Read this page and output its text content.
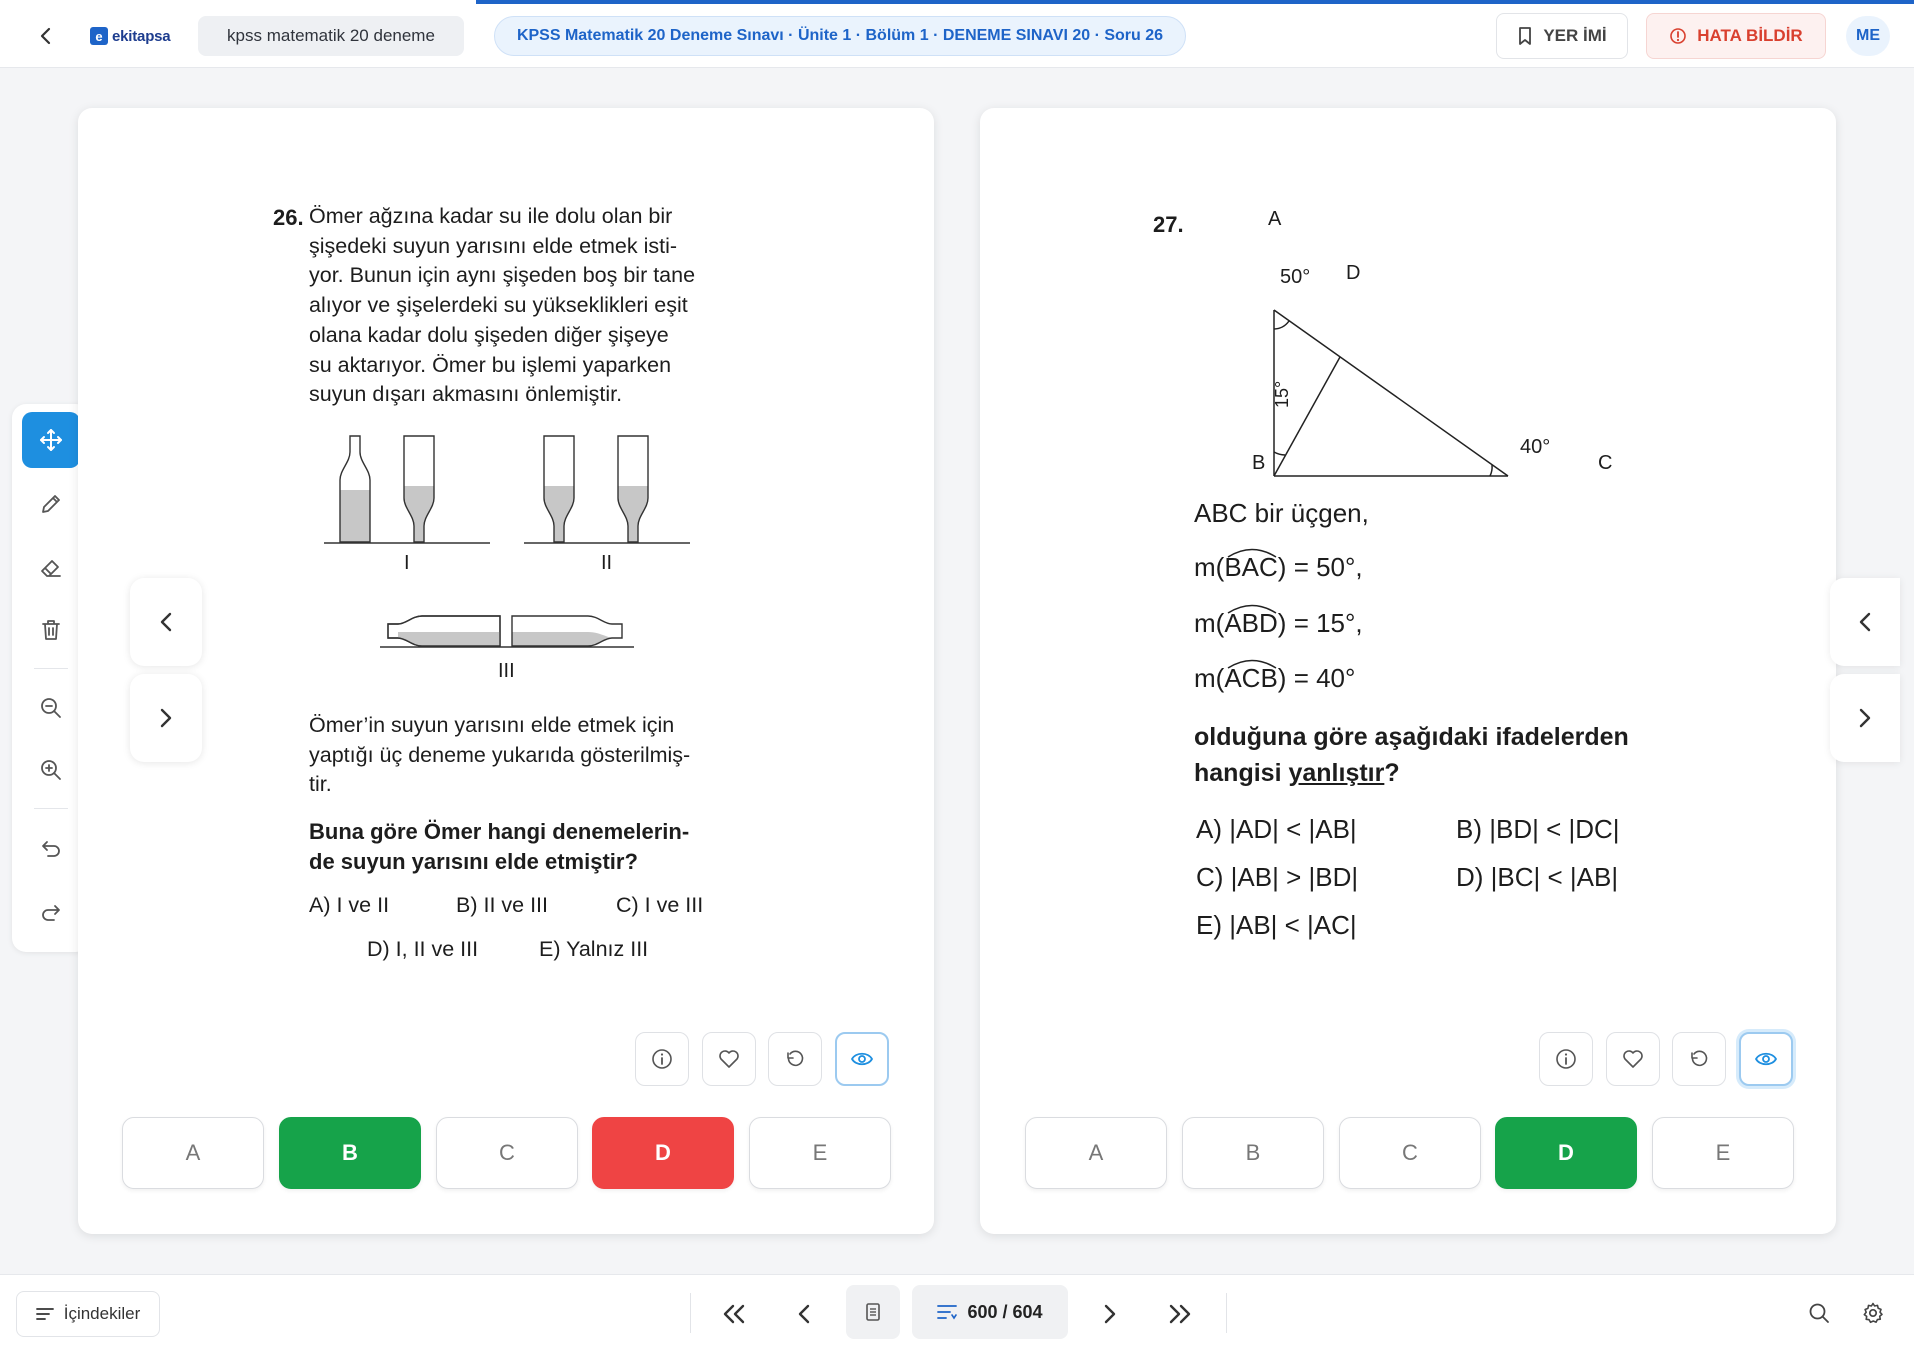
e ekitapsa	kpss matematik 20 deneme	KPSS Matematik 20 Deneme Sınavı · Ünite 1 · Bölüm 1 · DENEME SINAVI 20 · Soru 26	YER İMİ	HATA BİLDİR	ME
26. Ömer ağzına kadar su ile dolu olan bir
şişedeki suyun yarısını elde etmek isti-
yor. Bunun için aynı şişeden boş bir tane
alıyor ve şişelerdeki su yükseklikleri eşit
olana kadar dolu şişeden diğer şişeye
su aktarıyor. Ömer bu işlemi yaparken
suyun dışarı akmasını önlemiştir.
I	II
III
Ömer’in suyun yarısını elde etmek için
yaptığı üç deneme yukarıda gösterilmiş-
tir.
Buna göre Ömer hangi denemelerin-
de suyun yarısını elde etmiştir?
A) I ve II	B) II ve III	C) I ve III
D) I, II ve III	E) Yalnız III
A	B	C	D	E
27.	A
B	C
D
50°
15°
40°
ABC bir üçgen,
m(
BAC) = 50°,
m(
ABD) = 15°,
m(
ACB) = 40°
olduğuna göre aşağıdaki ifadelerden
hangisi yanlıştır?
A) |AD| < |AB|	B) |BD| < |DC|
C) |AB| > |BD|	D) |BC| < |AB|
E) |AB| < |AC|
A	B	C	D	E
İçindekiler	600 / 604
